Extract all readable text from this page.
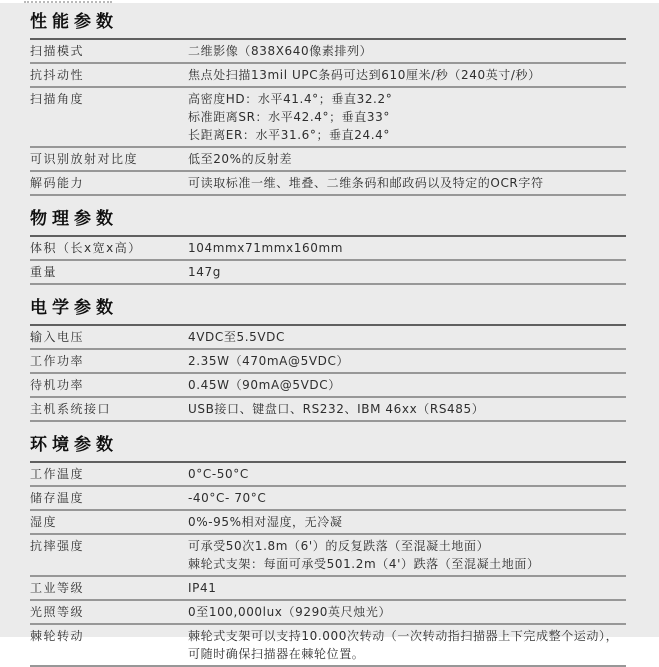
性能参数
扫描模式	二维影像（838X640像素排列）
抗抖动性	焦点处扫描13mil UPC条码可达到610厘米/秒（240英寸/秒）
扫描角度	高密度HD：水平41.4°；垂直32.2°
标准距离SR：水平42.4°；垂直33°
长距离ER：水平31.6°；垂直24.4°
可识别放射对比度	低至20%的反射差
解码能力	可读取标准一维、堆叠、二维条码和邮政码以及特定的OCR字符
物理参数
体积（长x宽x高）	104mmx71mmx160mm
重量	147g
电学参数
输入电压	4VDC至5.5VDC
工作功率	2.35W（470mA@5VDC）
待机功率	0.45W（90mA@5VDC）
主机系统接口	USB接口、键盘口、RS232、IBM 46xx（RS485）
环境参数
工作温度	0°C-50°C
储存温度	-40°C- 70°C
湿度	0%-95%相对湿度，无冷凝
抗摔强度	可承受50次1.8m（6'）的反复跌落（至混凝土地面）
棘轮式支架：每面可承受501.2m（4'）跌落（至混凝土地面）
工业等级	IP41
光照等级	0至100,000lux（9290英尺烛光）
棘轮转动	棘轮式支架可以支持10.000次转动（一次转动指扫描器上下完成整个运动），
可随时确保扫描器在棘轮位置。
